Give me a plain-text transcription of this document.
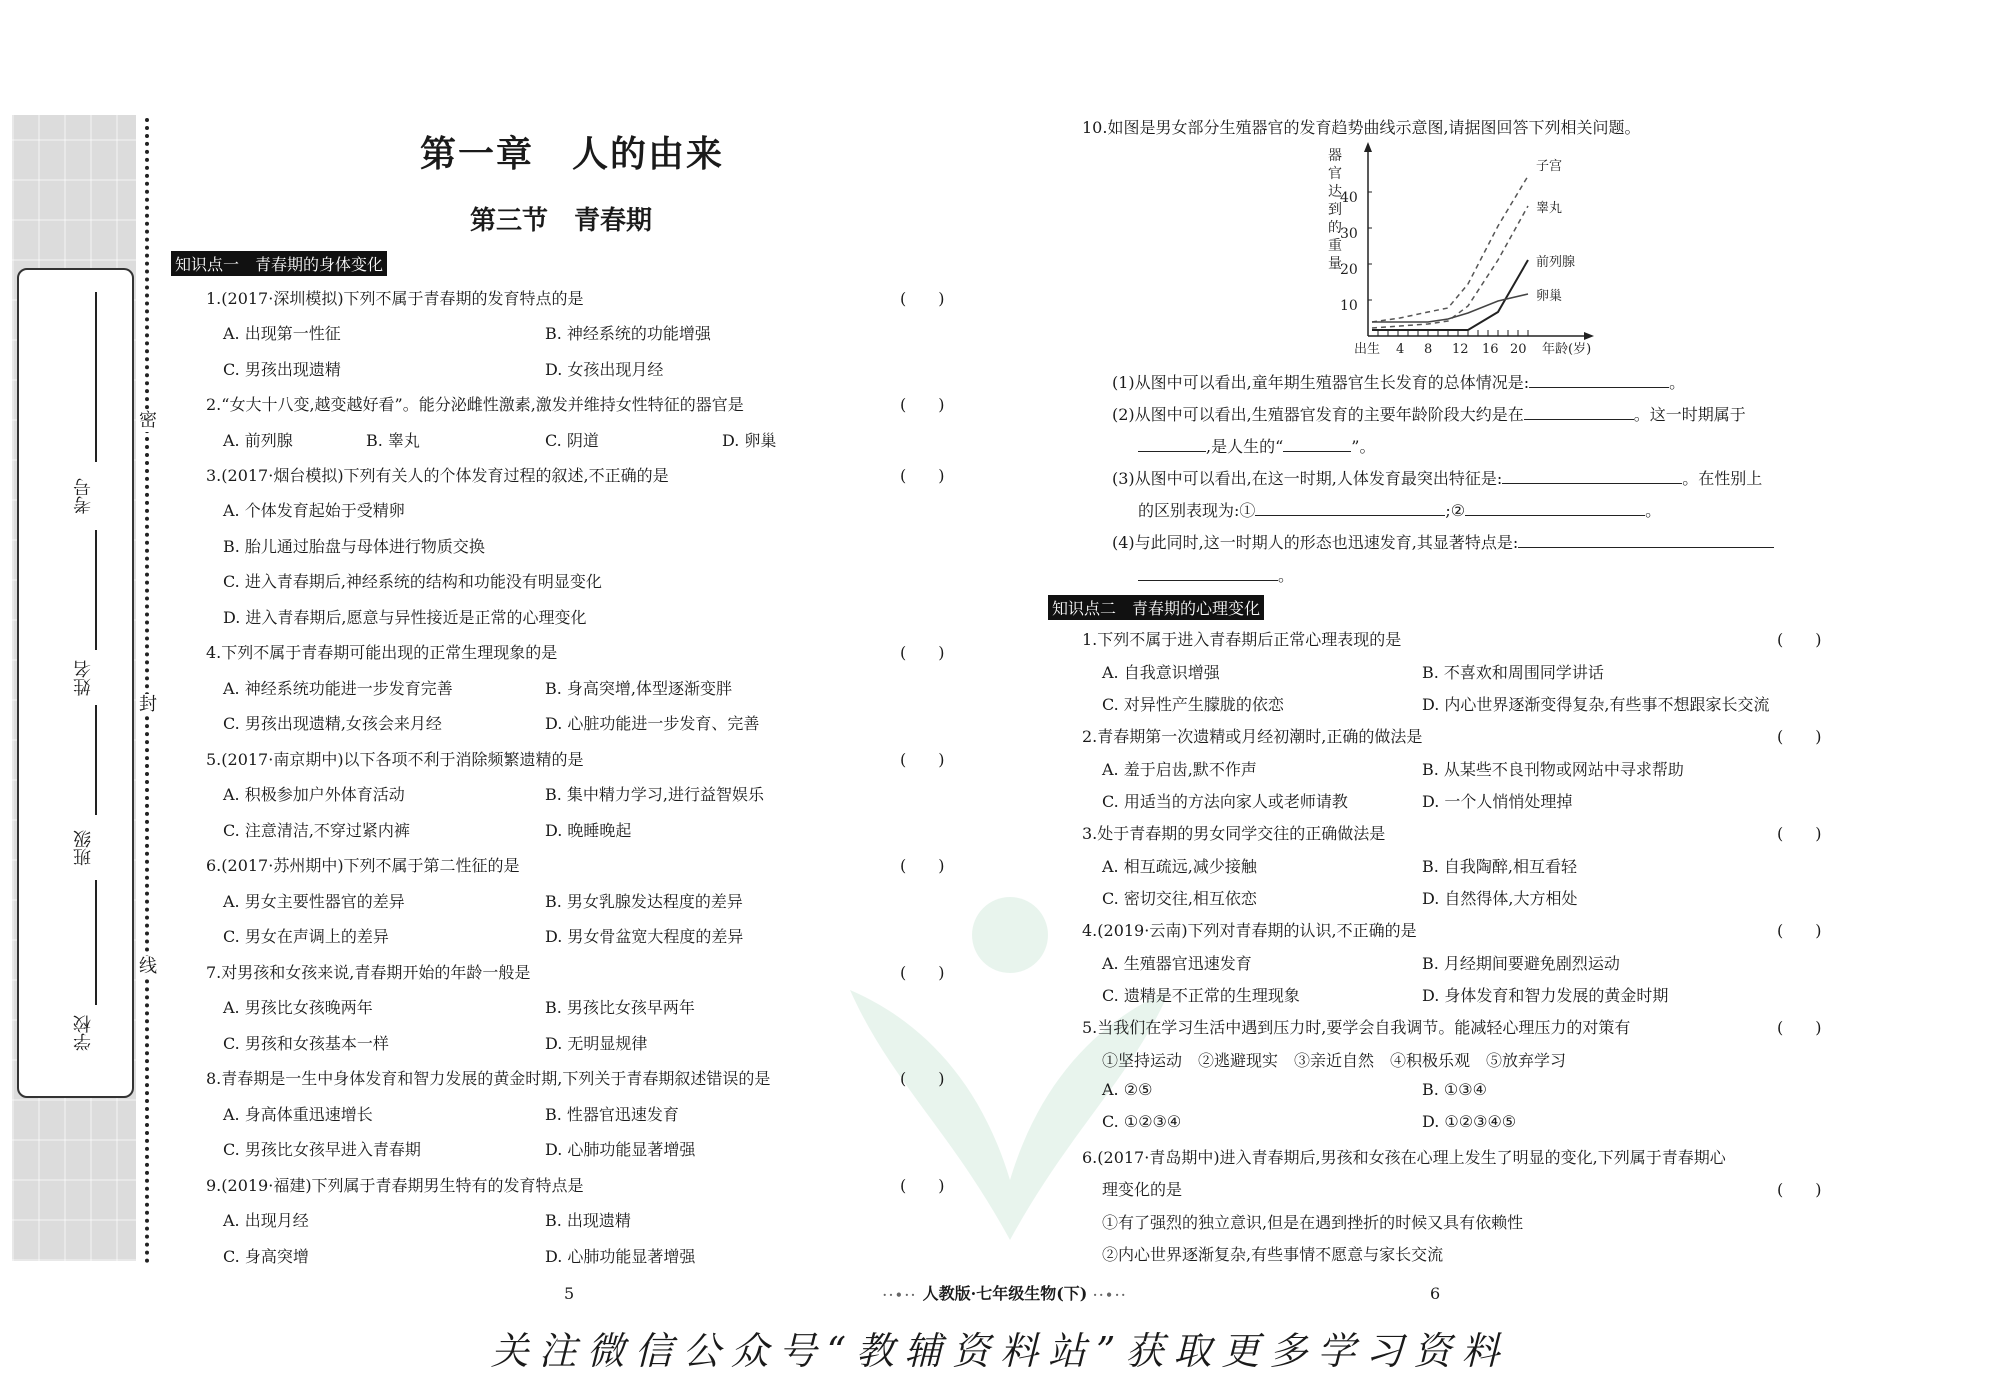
考号
姓名
班级
学校
密
封
线
第一章　人的由来
第三节　青春期
知识点一　青春期的身体变化
1.(2017·深圳模拟)下列不属于青春期的发育特点的是	(　　)
A. 出现第一性征	B. 神经系统的功能增强
C. 男孩出现遗精	D. 女孩出现月经
2.“女大十八变,越变越好看”。能分泌雌性激素,激发并维持女性特征的器官是	(　　)
A. 前列腺	B. 睾丸	C. 阴道	D. 卵巢
3.(2017·烟台模拟)下列有关人的个体发育过程的叙述,不正确的是	(　　)
A. 个体发育起始于受精卵
B. 胎儿通过胎盘与母体进行物质交换
C. 进入青春期后,神经系统的结构和功能没有明显变化
D. 进入青春期后,愿意与异性接近是正常的心理变化
4.下列不属于青春期可能出现的正常生理现象的是	(　　)
A. 神经系统功能进一步发育完善	B. 身高突增,体型逐渐变胖
C. 男孩出现遗精,女孩会来月经	D. 心脏功能进一步发育、完善
5.(2017·南京期中)以下各项不利于消除频繁遗精的是	(　　)
A. 积极参加户外体育活动	B. 集中精力学习,进行益智娱乐
C. 注意清洁,不穿过紧内裤	D. 晚睡晚起
6.(2017·苏州期中)下列不属于第二性征的是	(　　)
A. 男女主要性器官的差异	B. 男女乳腺发达程度的差异
C. 男女在声调上的差异	D. 男女骨盆宽大程度的差异
7.对男孩和女孩来说,青春期开始的年龄一般是	(　　)
A. 男孩比女孩晚两年	B. 男孩比女孩早两年
C. 男孩和女孩基本一样	D. 无明显规律
8.青春期是一生中身体发育和智力发展的黄金时期,下列关于青春期叙述错误的是	(　　)
A. 身高体重迅速增长	B. 性器官迅速发育
C. 男孩比女孩早进入青春期	D. 心肺功能显著增强
9.(2019·福建)下列属于青春期男生特有的发育特点是	(　　)
A. 出现月经	B. 出现遗精
C. 身高突增	D. 心肺功能显著增强
10.如图是男女部分生殖器官的发育趋势曲线示意图,请据图回答下列相关问题。
10
20
30
40
器
官
达
到
的
重
量
出生 4 8 12 16 20 年龄(岁)
子宫
睾丸
前列腺
卵巢
(1)从图中可以看出,童年期生殖器官生长发育的总体情况是:	。
(2)从图中可以看出,生殖器官发育的主要年龄阶段大约是在	。这一时期属于
,是人生的“	”。
(3)从图中可以看出,在这一时期,人体发育最突出特征是:	。在性别上
的区别表现为:①	;②	。
(4)与此同时,这一时期人的形态也迅速发育,其显著特点是:
。
知识点二　青春期的心理变化
1.下列不属于进入青春期后正常心理表现的是	(　　)
A. 自我意识增强	B. 不喜欢和周围同学讲话
C. 对异性产生朦胧的依恋	D. 内心世界逐渐变得复杂,有些事不想跟家长交流
2.青春期第一次遗精或月经初潮时,正确的做法是	(　　)
A. 羞于启齿,默不作声	B. 从某些不良刊物或网站中寻求帮助
C. 用适当的方法向家人或老师请教	D. 一个人悄悄处理掉
3.处于青春期的男女同学交往的正确做法是	(　　)
A. 相互疏远,减少接触	B. 自我陶醉,相互看轻
C. 密切交往,相互依恋	D. 自然得体,大方相处
4.(2019·云南)下列对青春期的认识,不正确的是	(　　)
A. 生殖器官迅速发育	B. 月经期间要避免剧烈运动
C. 遗精是不正常的生理现象	D. 身体发育和智力发展的黄金时期
5.当我们在学习生活中遇到压力时,要学会自我调节。能减轻心理压力的对策有	(　　)
①坚持运动　②逃避现实　③亲近自然　④积极乐观　⑤放弃学习
A. ②⑤	B. ①③④
C. ①②③④	D. ①②③④⑤
6.(2017·青岛期中)进入青春期后,男孩和女孩在心理上发生了明显的变化,下列属于青春期心
理变化的是	(　　)
①有了强烈的独立意识,但是在遇到挫折的时候又具有依赖性
②内心世界逐渐复杂,有些事情不愿意与家长交流
5	··•·· 人教版·七年级生物(下) ··•··	6
关注微信公众号“教辅资料站”获取更多学习资料
